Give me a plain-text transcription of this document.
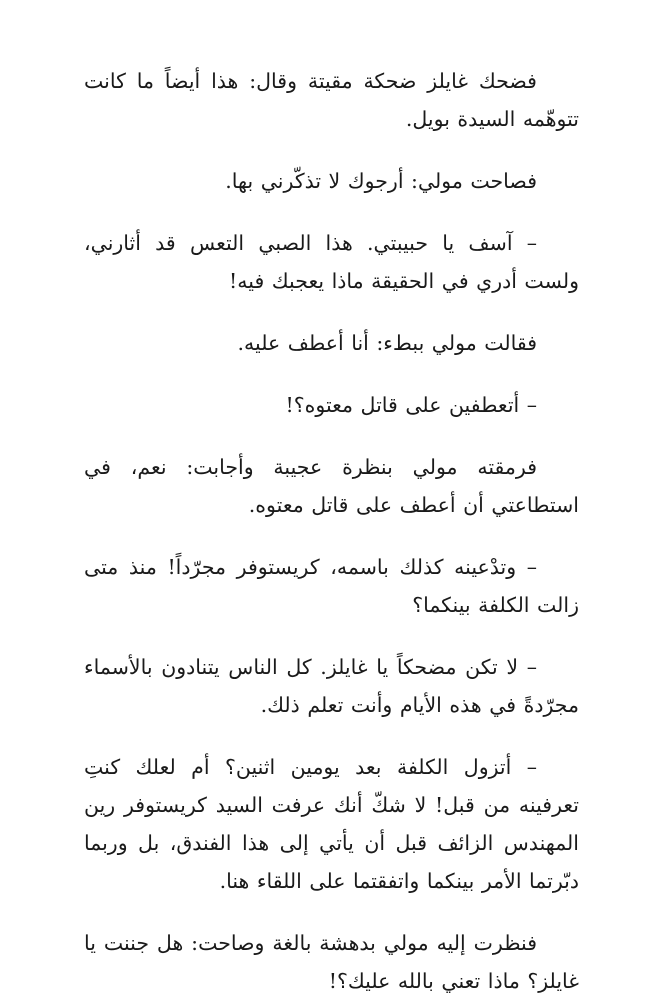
فضحك غايلز ضحكة مقيتة وقال: هذا أيضاً ما كانت تتوهّمه السيدة بويل.

فصاحت مولي: أرجوك لا تذكّرني بها.

– آسف يا حبيبتي. هذا الصبي التعس قد أثارني، ولست أدري في الحقيقة ماذا يعجبك فيه!

فقالت مولي ببطء: أنا أعطف عليه.

– أتعطفين على قاتل معتوه؟!

فرمقته مولي بنظرة عجيبة وأجابت: نعم، في استطاعتي أن أعطف على قاتل معتوه.

– وتدْعينه كذلك باسمه، كريستوفر مجرّداً! منذ متى زالت الكلفة بينكما؟

– لا تكن مضحكاً يا غايلز. كل الناس يتنادون بالأسماء مجرّدةً في هذه الأيام وأنت تعلم ذلك.

– أتزول الكلفة بعد يومين اثنين؟ أم لعلك كنتِ تعرفينه من قبل! لا شكّ أنك عرفت السيد كريستوفر رين المهندس الزائف قبل أن يأتي إلى هذا الفندق، بل وربما دبّرتما الأمر بينكما واتفقتما على اللقاء هنا.

فنظرت إليه مولي بدهشة بالغة وصاحت: هل جننت يا غايلز؟ ماذا تعني بالله عليك؟!
